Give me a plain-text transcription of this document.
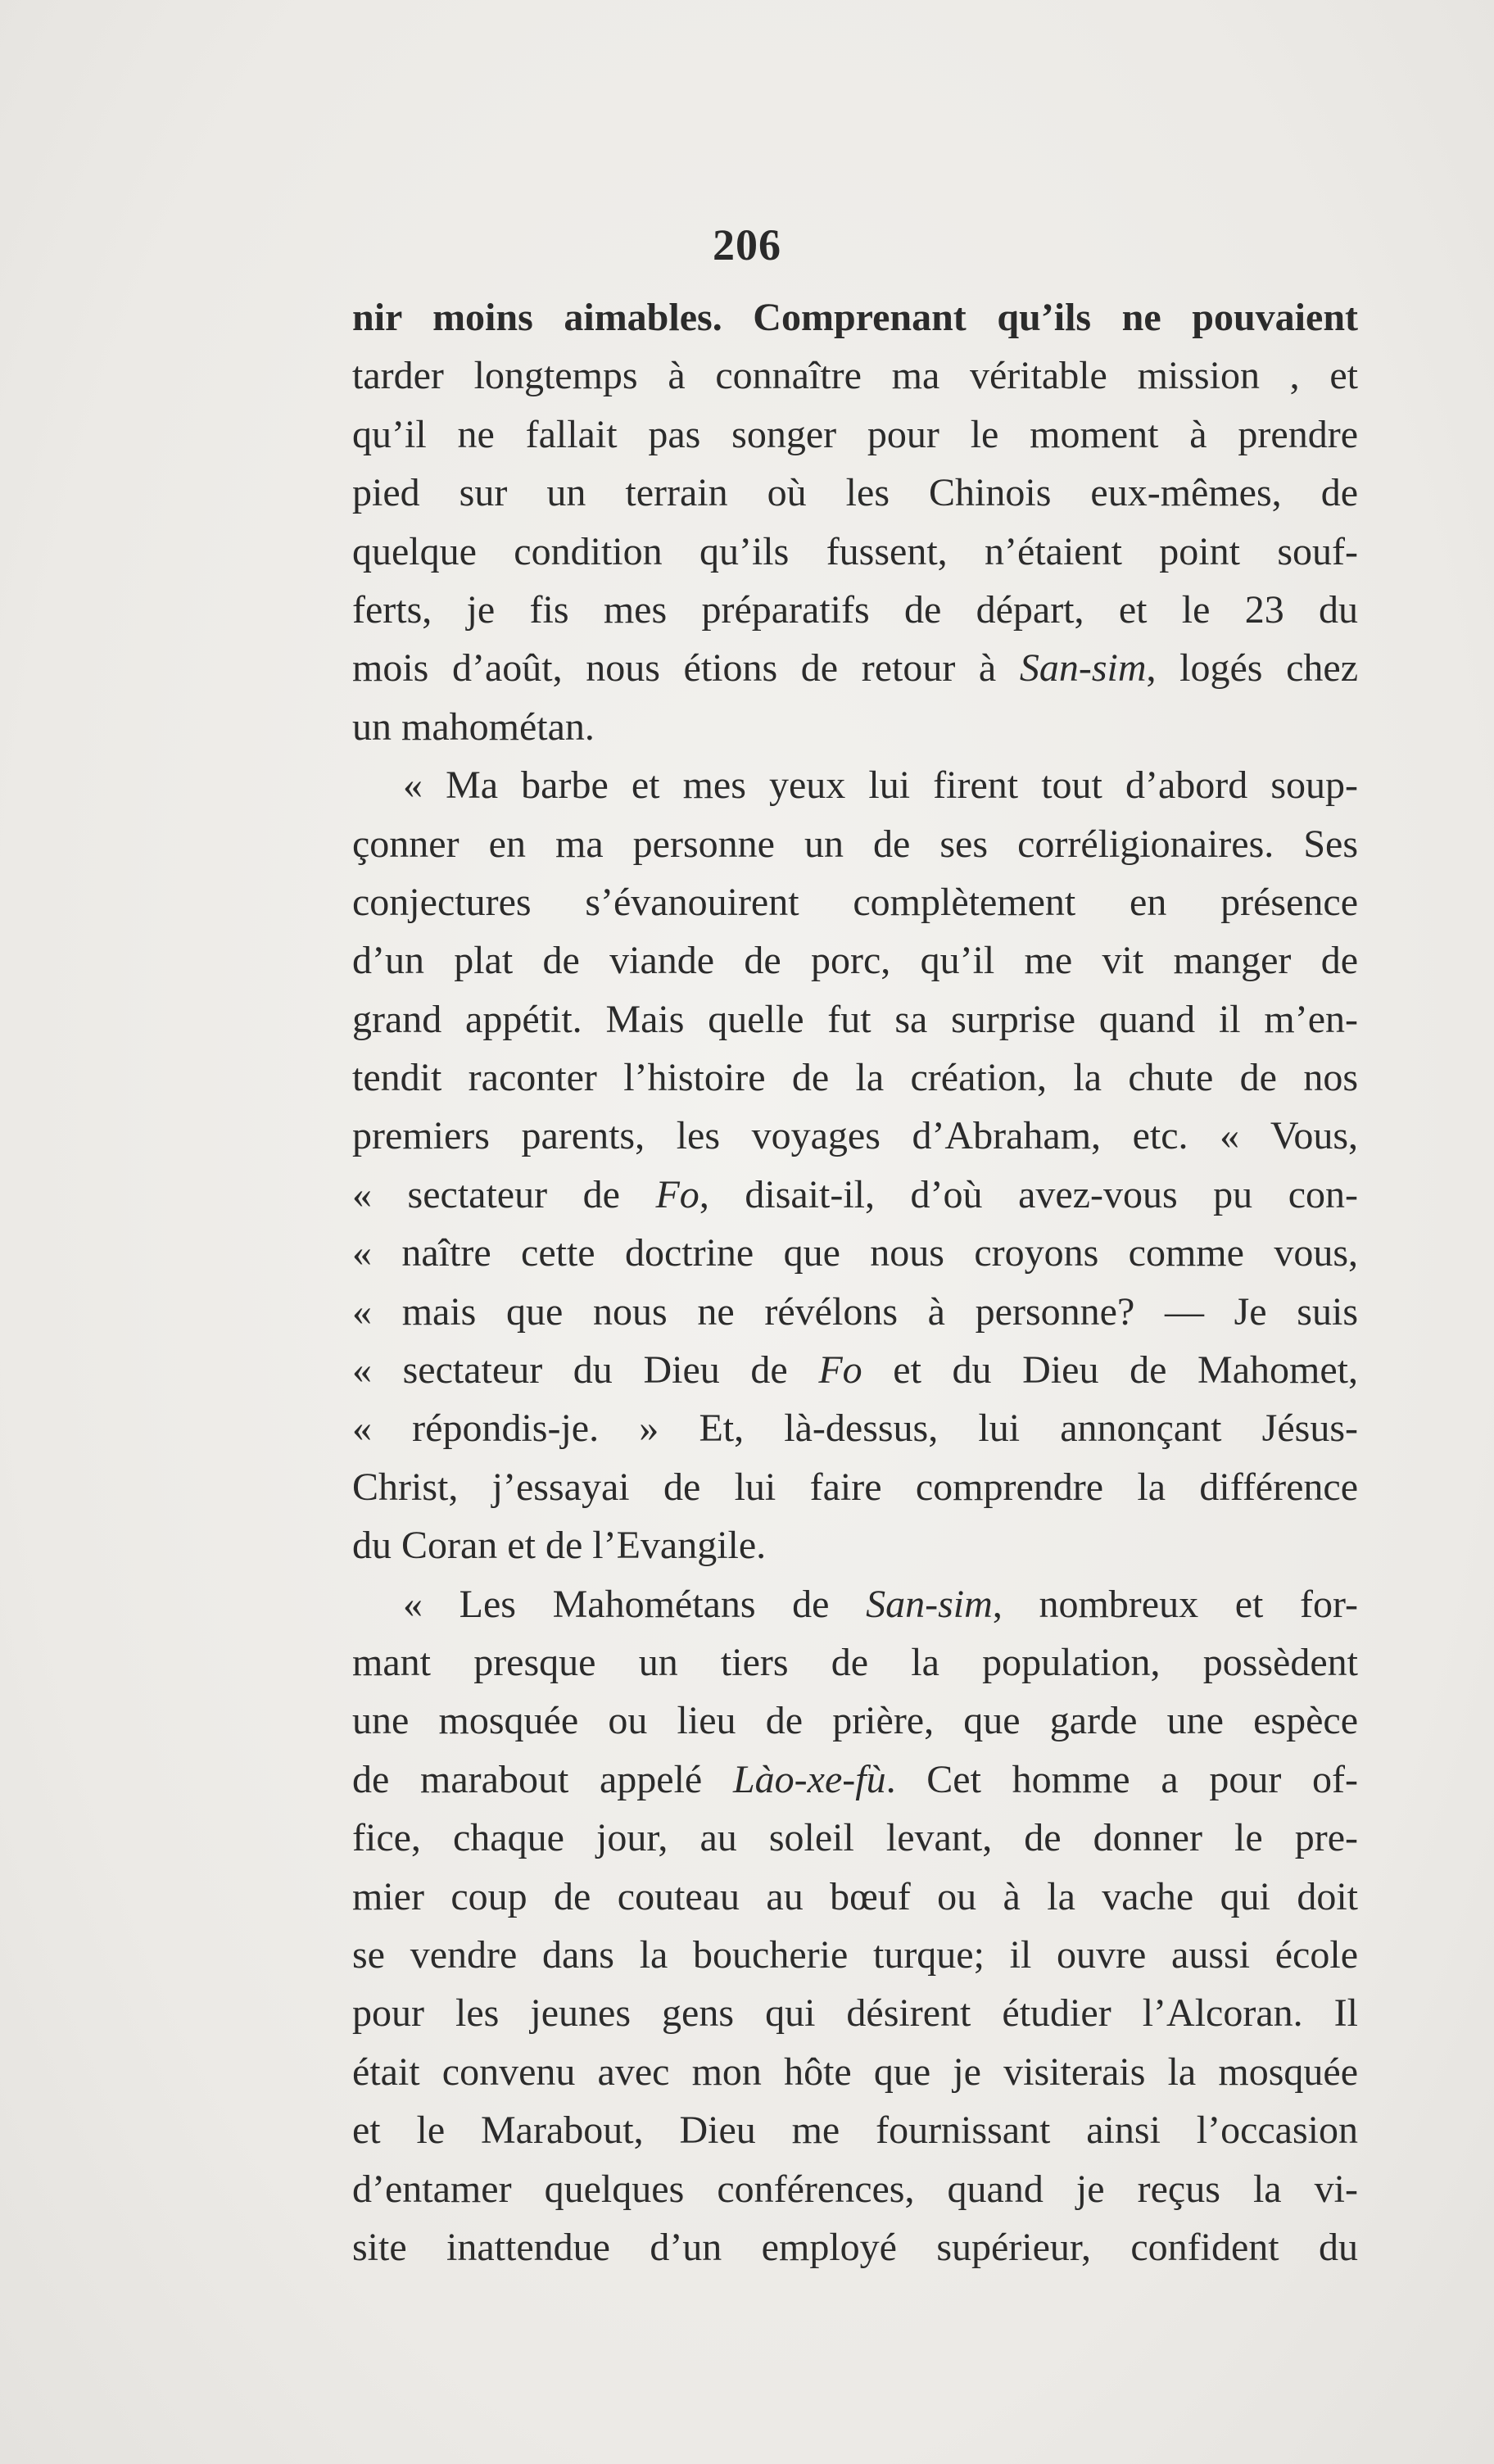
206
nir moins aimables. Comprenant qu’ils ne pouvaient
tarder longtemps à connaître ma véritable mission , et
qu’il ne fallait pas songer pour le moment à prendre
pied sur un terrain où les Chinois eux-mêmes, de
quelque condition qu’ils fussent, n’étaient point souf-
ferts, je fis mes préparatifs de départ, et le 23 du
mois d’août, nous étions de retour à San-sim, logés chez
un mahométan.
« Ma barbe et mes yeux lui firent tout d’abord soup-
çonner en ma personne un de ses corréligionaires. Ses
conjectures s’évanouirent complètement en présence
d’un plat de viande de porc, qu’il me vit manger de
grand appétit. Mais quelle fut sa surprise quand il m’en-
tendit raconter l’histoire de la création, la chute de nos
premiers parents, les voyages d’Abraham, etc. « Vous,
« sectateur de Fo, disait-il, d’où avez-vous pu con-
« naître cette doctrine que nous croyons comme vous,
« mais que nous ne révélons à personne? — Je suis
« sectateur du Dieu de Fo et du Dieu de Mahomet,
« répondis-je. » Et, là-dessus, lui annonçant Jésus-
Christ, j’essayai de lui faire comprendre la différence
du Coran et de l’Evangile.
« Les Mahométans de San-sim, nombreux et for-
mant presque un tiers de la population, possèdent
une mosquée ou lieu de prière, que garde une espèce
de marabout appelé Lào-xe-fù. Cet homme a pour of-
fice, chaque jour, au soleil levant, de donner le pre-
mier coup de couteau au bœuf ou à la vache qui doit
se vendre dans la boucherie turque; il ouvre aussi école
pour les jeunes gens qui désirent étudier l’Alcoran. Il
était convenu avec mon hôte que je visiterais la mosquée
et le Marabout, Dieu me fournissant ainsi l’occasion
d’entamer quelques conférences, quand je reçus la vi-
site inattendue d’un employé supérieur, confident du
